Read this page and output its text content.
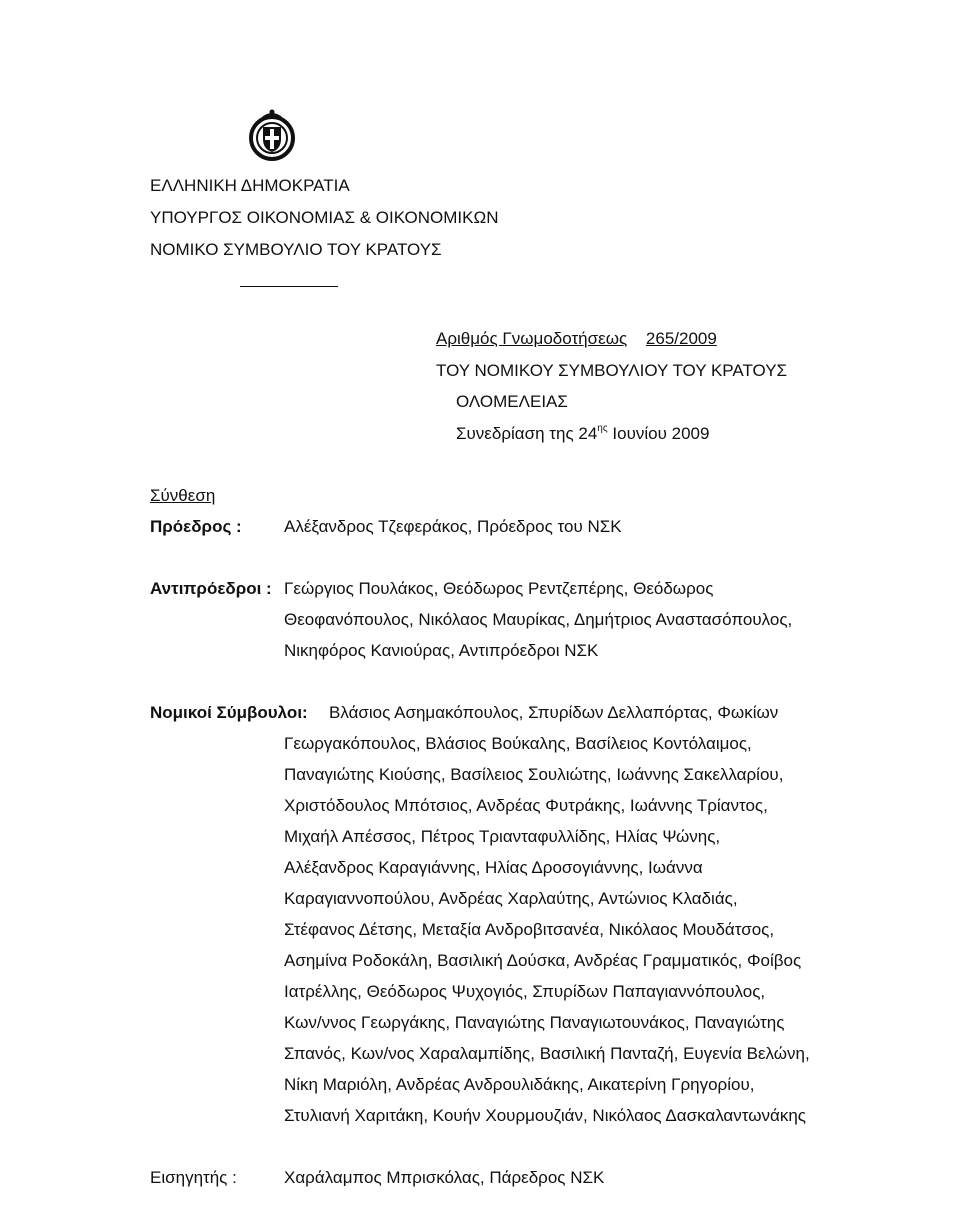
ΕΛΛΗΝΙΚΗ ΔΗΜΟΚΡΑΤΙΑ
ΥΠΟΥΡΓΟΣ ΟΙΚΟΝΟΜΙΑΣ & ΟΙΚΟΝΟΜΙΚΩΝ
ΝΟΜΙΚΟ ΣΥΜΒΟΥΛΙΟ ΤΟΥ ΚΡΑΤΟΥΣ
Αριθμός Γνωμοδοτήσεως 265/2009
ΤΟΥ ΝΟΜΙΚΟΥ ΣΥΜΒΟΥΛΙΟΥ ΤΟΥ ΚΡΑΤΟΥΣ
ΟΛΟΜΕΛΕΙΑΣ
Συνεδρίαση της $24^{\eta\varsigma}$ Ιουνίου 2009
Σύνθεση
Πρόεδρος : Αλέξανδρος Τζεφεράκος, Πρόεδρος του ΝΣΚ
Αντιπρόεδροι : Γεώργιος Πουλάκος, Θεόδωρος Ρεντζεπέρης, Θεόδωρος
Θεοφανόπουλος, Νικόλαος Μαυρίκας, Δημήτριος Αναστασόπουλος,
Νικηφόρος Κανιούρας, Αντιπρόεδροι ΝΣΚ
Νομικοί Σύμβουλοι: Βλάσιος Ασημακόπουλος, Σπυρίδων Δελλαπόρτας, Φωκίων
Γεωργακόπουλος, Βλάσιος Βούκαλης, Βασίλειος Κοντόλαιμος,
Παναγιώτης Κιούσης, Βασίλειος Σουλιώτης, Ιωάννης Σακελλαρίου,
Χριστόδουλος Μπότσιος, Ανδρέας Φυτράκης, Ιωάννης Τρίαντος,
Μιχαήλ Απέσσος, Πέτρος Τριανταφυλλίδης, Ηλίας Ψώνης,
Αλέξανδρος Καραγιάννης, Ηλίας Δροσογιάννης, Ιωάννα
Καραγιαννοπούλου, Ανδρέας Χαρλαύτης, Αντώνιος Κλαδιάς,
Στέφανος Δέτσης, Μεταξία Ανδροβιτσανέα, Νικόλαος Μουδάτσος,
Ασημίνα Ροδοκάλη, Βασιλική Δούσκα, Ανδρέας Γραμματικός, Φοίβος
Ιατρέλλης, Θεόδωρος Ψυχογιός, Σπυρίδων Παπαγιαννόπουλος,
Κων/ννος Γεωργάκης, Παναγιώτης Παναγιωτουνάκος, Παναγιώτης
Σπανός, Κων/νος Χαραλαμπίδης, Βασιλική Πανταζή, Ευγενία Βελώνη,
Νίκη Μαριόλη, Ανδρέας Ανδρουλιδάκης, Αικατερίνη Γρηγορίου,
Στυλιανή Χαριτάκη, Κουήν Χουρμουζιάν, Νικόλαος Δασκαλαντωνάκης
Εισηγητής :	Χαράλαμπος Μπρισκόλας, Πάρεδρος ΝΣΚ
